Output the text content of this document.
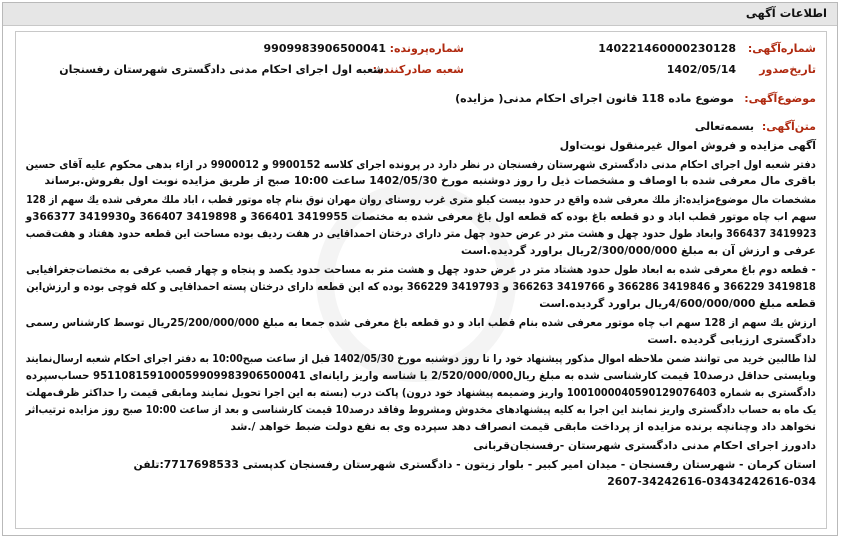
اطلاعات آگهی
شماره‌آگهی:
140221460000230128
شماره‌پرونده:
9909983906500041
تاریخ‌صدور
1402/05/14
شعبه صادر‌کننده:
شعبه اول اجرای احکام مدنی دادگستری شهرستان رفسنجان
موضوع‌آگهی:
موضوع ماده 118 قانون اجرای احکام مدنی( مزایده)
متن‌آگهی:
بسمه‌تعالی
آگهی مزایده و فروش اموال غیرمنقول نوبت‌اول
دفتر شعبه اول اجرای احکام مدنی دادگستری شهرستان رفسنجان در نظر دارد در پرونده اجرای کلاسه 9900152 و 9900012 در ازاء بدهی محکوم علیه آقای حسین
باقری مال معرفی شده با اوصاف و مشخصات ذیل را روز دوشنبه مورخ 1402/05/30 ساعت 10:00 صبح از طریق مزایده نوبت اول بفروش.برساند
مشخصات مال موضوع‌مزایده:از ملك معرفی شده واقع در حدود بیست کیلو متری غرب روستای روان مهران نوق بنام چاه موتور قطب ، اباد ملك معرفی شده یك سهم از 128
سهم اب چاه موتور قطب اباد و دو قطعه باغ بوده که قطعه اول باغ معرفی شده به مختصات 3419955 366401 و 3419898 366407 و3419930 366377و
3419923 366437 وابعاد طول حدود چهل و هشت متر در عرض حدود چهل متر دارای درختان احمداقایی در هفت ردیف بوده مساحت این قطعه حدود هفتاد و هفت‌قصب
عرفی و ارزش آن به مبلغ 2/300/000/000ریال براورد گردیده.است
- قطعه دوم باغ معرفی شده به ابعاد طول حدود هشتاد متر در عرض حدود چهل و هشت متر به مساحت حدود یکصد و پنجاه و چهار قصب عرفی به مختصات‌جغرافیایی
3419818 366229 و 3419846 366286 و 3419766 366263 و 3419793 366229 بوده که این قطعه دارای درختان پسته احمداقایی و کله قوچی بوده و ارزش‌این
قطعه مبلغ 4/600/000/000ریال براورد گردیده.است
ارزش یك سهم از 128 سهم اب چاه موتور معرفی شده بنام قطب اباد و دو قطعه باغ معرفی شده جمعا به مبلغ 25/200/000/000ریال توسط کارشناس رسمی
دادگستری ارزیابی گردیده .است
لذا طالبین خرید می توانند ضمن ملاحظه اموال مذکور پیشنهاد خود را تا روز دوشنبه مورخ 1402/05/30 قبل از ساعت صبح10:00 به دفتر اجرای احکام شعبه ارسال‌نمایند
وبایستی حداقل درصد10 قیمت کارشناسی شده به مبلغ ریال2/520/000/000 با شناسه واریز رایانه‌ای 951108159100059909983906500041 حساب‌سپرده
دادگستری به شماره 1001000040590129076403 واریز وضمیمه پیشنهاد خود درون) پاکت درب (بسته به این اجرا تحویل نمایند ومابقی قیمت را حداکثر ظرف‌مهلت
یک ماه به حساب دادگستری واریز نمایند این اجرا به کلیه پیشنهادهای مخدوش ومشروط وفاقد درصد10 قیمت کارشناسی و بعد از ساعت 10:00 صبح روز مزایده ترتیب‌اثر
نخواهد داد وچنانچه برنده مزایده از پرداخت مابقی قیمت انصراف دهد سپرده وی به نفع دولت ضبط خواهد /.شد
دادورز اجرای احکام مدنی دادگستری شهرستان -رفسنجان‌قربانی
استان کرمان - شهرستان رفسنجان - میدان امیر کبیر - بلوار زیتون - دادگستری شهرستان رفسنجان کد‌پستی 7717698533:تلفن
2607-34242616-03434242616-034
